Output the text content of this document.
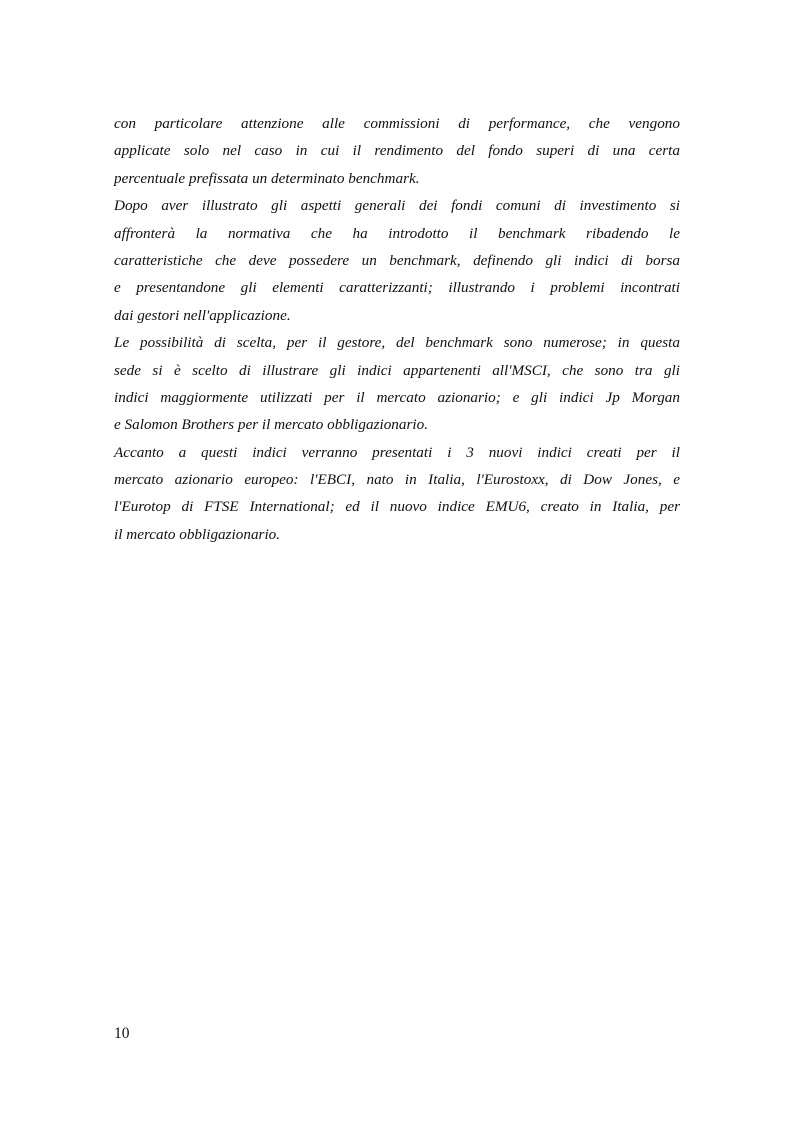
con particolare attenzione alle commissioni di performance, che vengono
applicate solo nel caso in cui il rendimento del fondo superi di una certa
percentuale prefissata un determinato benchmark.
Dopo aver illustrato gli aspetti generali dei fondi comuni di investimento si
affronterà la normativa che ha introdotto il benchmark ribadendo le
caratteristiche che deve possedere un benchmark, definendo gli indici di borsa
e presentandone gli elementi caratterizzanti; illustrando i problemi incontrati
dai gestori nell'applicazione.
Le possibilità di scelta, per il gestore, del benchmark sono numerose; in questa
sede si è scelto di illustrare gli indici appartenenti all'MSCI, che sono tra gli
indici maggiormente utilizzati per il mercato azionario; e gli indici Jp Morgan
e Salomon Brothers per il mercato obbligazionario.
Accanto a questi indici verranno presentati i 3 nuovi indici creati per il
mercato azionario europeo: l'EBCI, nato in Italia, l'Eurostoxx, di Dow Jones, e
l'Eurotop di FTSE International; ed il nuovo indice EMU6, creato in Italia, per
il mercato obbligazionario.
10
